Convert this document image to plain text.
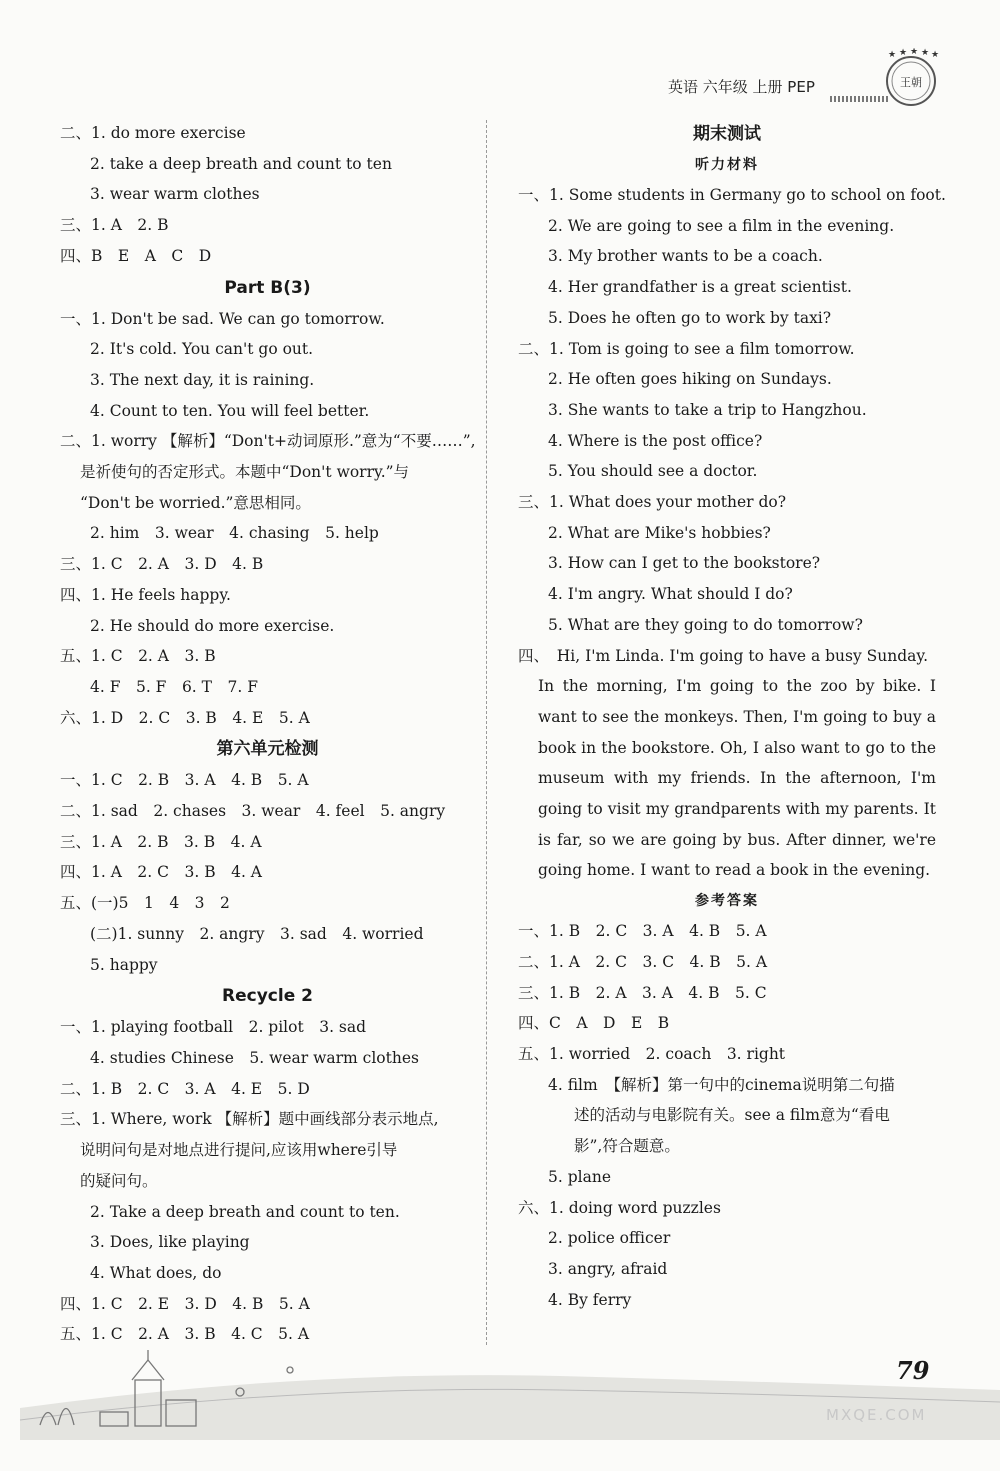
王朝
★ ★ ★ ★ ★
英语 六年级 上册 PEP
二、1. do more exercise
2. take a deep breath and count to ten
3. wear warm clothes
三、1. A　2. B
四、B　E　A　C　D
Part B(3)
一、1. Don't be sad. We can go tomorrow.
2. It's cold. You can't go out.
3. The next day, it is raining.
4. Count to ten. You will feel better.
二、1. worry 【解析】“Don't+动词原形.”意为“不要……”,
是祈使句的否定形式。本题中“Don't worry.”与
“Don't be worried.”意思相同。
2. him　3. wear　4. chasing　5. help
三、1. C　2. A　3. D　4. B
四、1. He feels happy.
2. He should do more exercise.
五、1. C　2. A　3. B
4. F　5. F　6. T　7. F
六、1. D　2. C　3. B　4. E　5. A
第六单元检测
一、1. C　2. B　3. A　4. B　5. A
二、1. sad　2. chases　3. wear　4. feel　5. angry
三、1. A　2. B　3. B　4. A
四、1. A　2. C　3. B　4. A
五、(一)5　1　4　3　2
(二)1. sunny　2. angry　3. sad　4. worried
5. happy
Recycle 2
一、1. playing football　2. pilot　3. sad
4. studies Chinese　5. wear warm clothes
二、1. B　2. C　3. A　4. E　5. D
三、1. Where, work 【解析】题中画线部分表示地点,
说明问句是对地点进行提问,应该用where引导
的疑问句。
2. Take a deep breath and count to ten.
3. Does, like playing
4. What does, do
四、1. C　2. E　3. D　4. B　5. A
五、1. C　2. A　3. B　4. C　5. A
期末测试
听力材料
一、1. Some students in Germany go to school on foot.
2. We are going to see a film in the evening.
3. My brother wants to be a coach.
4. Her grandfather is a great scientist.
5. Does he often go to work by taxi?
二、1. Tom is going to see a film tomorrow.
2. He often goes hiking on Sundays.
3. She wants to take a trip to Hangzhou.
4. Where is the post office?
5. You should see a doctor.
三、1. What does your mother do?
2. What are Mike's hobbies?
3. How can I get to the bookstore?
4. I'm angry. What should I do?
5. What are they going to do tomorrow?
四、　Hi, I'm Linda. I'm going to have a busy Sunday.
In the morning, I'm going to the zoo by bike. I want to see the monkeys. Then, I'm going to buy a book in the bookstore. Oh, I also want to go to the museum with my friends. In the afternoon, I'm going to visit my grandparents with my parents. It is far, so we are going by bus. After dinner, we're going home. I want to read a book in the evening.
参考答案
一、1. B　2. C　3. A　4. B　5. A
二、1. A　2. C　3. C　4. B　5. A
三、1. B　2. A　3. A　4. B　5. C
四、C　A　D　E　B
五、1. worried　2. coach　3. right
4. film　【解析】第一句中的cinema说明第二句描
述的活动与电影院有关。see a film意为“看电
影”,符合题意。
5. plane
六、1. doing word puzzles
2. police officer
3. angry, afraid
4. By ferry
79
MXQE.COM
